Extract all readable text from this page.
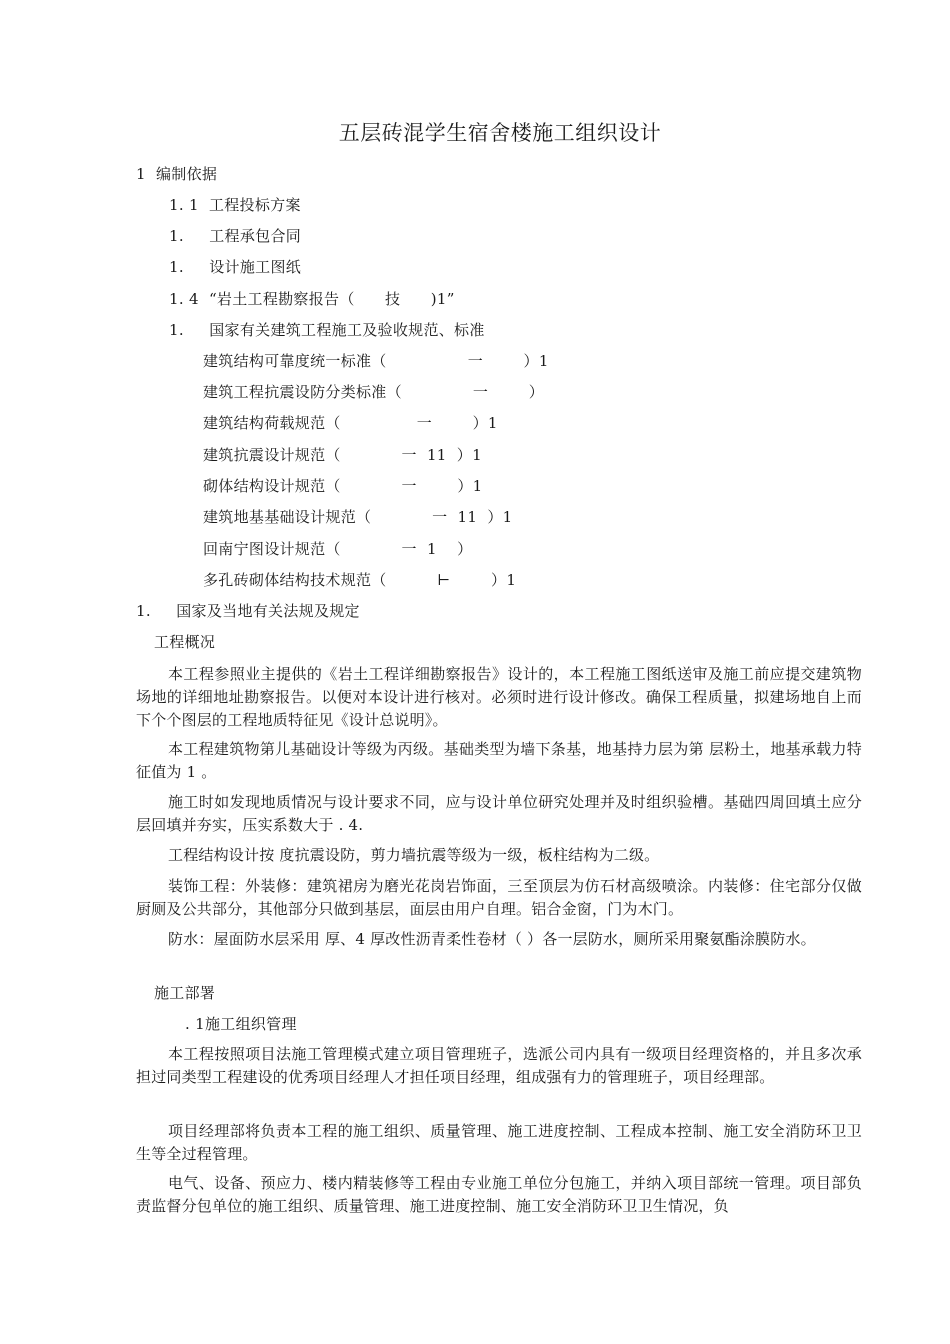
五层砖混学生宿舍楼施工组织设计
1  编制依据
1. 1  工程投标方案
1.     工程承包合同
1.     设计施工图纸
1. 4  “岩土工程勘察报告（      技      )1”
1.     国家有关建筑工程施工及验收规范、标准
建筑结构可靠度统一标准（                一        ）1
建筑工程抗震设防分类标准（              一        ）
建筑结构荷载规范（               一        ）1
建筑抗震设计规范（            一  11  ）1
砌体结构设计规范（            一        ）1
建筑地基基础设计规范（            一  11  ）1
回南宁图设计规范（            一  1    ）
多孔砖砌体结构技术规范（          ⊢        ）1
1.     国家及当地有关法规及规定
工程概况
本工程参照业主提供的《岩土工程详细勘察报告》设计的，本工程施工图纸送审及施工前应提交建筑物场地的详细地址勘察报告。以便对本设计进行核对。必须时进行设计修改。确保工程质量，拟建场地自上而下个个图层的工程地质特征见《设计总说明》。
本工程建筑物第儿基础设计等级为丙级。基础类型为墙下条基，地基持力层为第 层粉土，地基承载力特征值为 1 。
施工时如发现地质情况与设计要求不同，应与设计单位研究处理并及时组织验槽。基础四周回填土应分层回填并夯实，压实系数大于 . 4.
工程结构设计按 度抗震设防，剪力墙抗震等级为一级，板柱结构为二级。
装饰工程：外装修：建筑裙房为磨光花岗岩饰面，三至顶层为仿石材高级喷涂。内装修：住宅部分仅做厨厕及公共部分，其他部分只做到基层，面层由用户自理。铝合金窗，门为木门。
防水：屋面防水层采用 厚、4 厚改性沥青柔性卷材（ ）各一层防水，厕所采用聚氨酯涂膜防水。
施工部署
. 1施工组织管理
本工程按照项目法施工管理模式建立项目管理班子，选派公司内具有一级项目经理资格的，并且多次承担过同类型工程建设的优秀项目经理人才担任项目经理，组成强有力的管理班子，项目经理部。
项目经理部将负责本工程的施工组织、质量管理、施工进度控制、工程成本控制、施工安全消防环卫卫生等全过程管理。
电气、设备、预应力、楼内精装修等工程由专业施工单位分包施工，并纳入项目部统一管理。项目部负责监督分包单位的施工组织、质量管理、施工进度控制、施工安全消防环卫卫生情况，负
